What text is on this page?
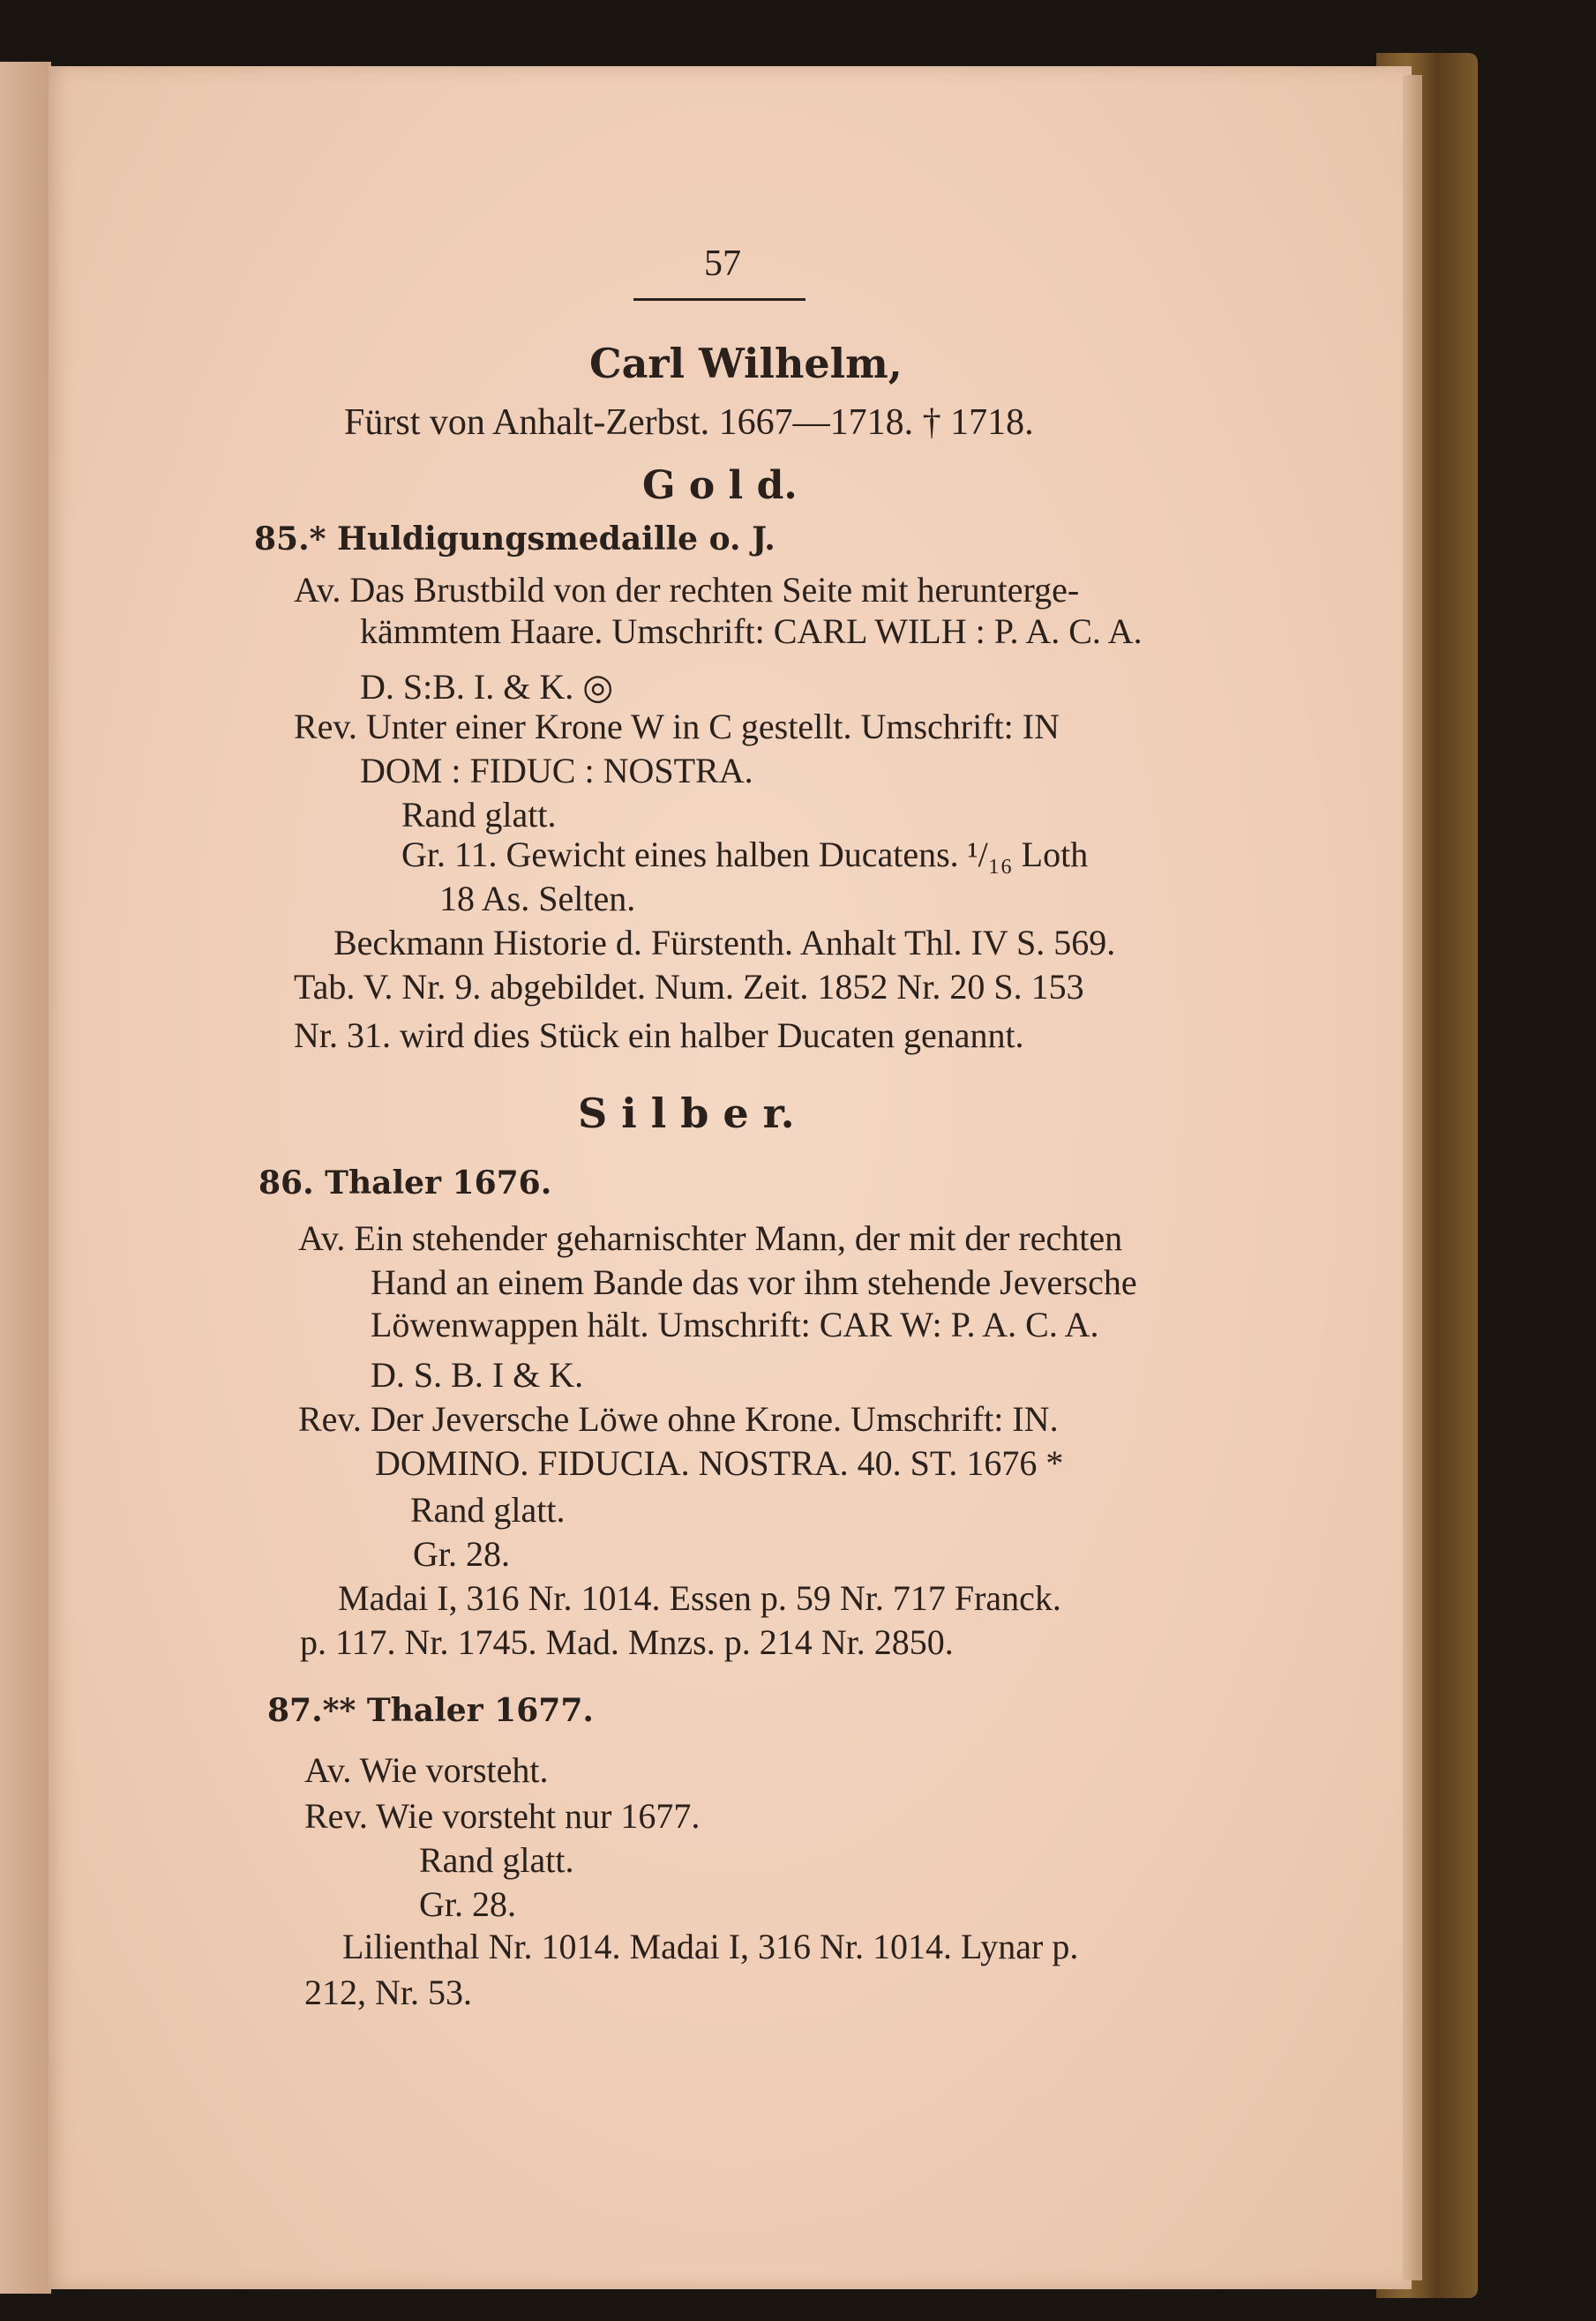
57
Carl Wilhelm,
Fürst von Anhalt-Zerbst. 1667—1718. † 1718.
G o l d.
85.* Huldigungsmedaille o. J.
Av. Das Brustbild von der rechten Seite mit herunterge-
kämmtem Haare. Umschrift: CARL WILH : P. A. C. A.
D. S:B. I. & K. ◎
Rev. Unter einer Krone W in C gestellt. Umschrift: IN
DOM : FIDUC : NOSTRA.
Rand glatt.
Gr. 11. Gewicht eines halben Ducatens. ¹/₁₆ Loth
18 As. Selten.
Beckmann Historie d. Fürstenth. Anhalt Thl. IV S. 569.
Tab. V. Nr. 9. abgebildet. Num. Zeit. 1852 Nr. 20 S. 153
Nr. 31. wird dies Stück ein halber Ducaten genannt.
S i l b e r.
86. Thaler 1676.
Av. Ein stehender geharnischter Mann, der mit der rechten
Hand an einem Bande das vor ihm stehende Jeversche
Löwenwappen hält. Umschrift: CAR W: P. A. C. A.
D. S. B. I & K.
Rev. Der Jeversche Löwe ohne Krone. Umschrift: IN.
DOMINO. FIDUCIA. NOSTRA. 40. ST. 1676 *
Rand glatt.
Gr. 28.
Madai I, 316 Nr. 1014. Essen p. 59 Nr. 717 Franck.
p. 117. Nr. 1745. Mad. Mnzs. p. 214 Nr. 2850.
87.** Thaler 1677.
Av. Wie vorsteht.
Rev. Wie vorsteht nur 1677.
Rand glatt.
Gr. 28.
Lilienthal Nr. 1014. Madai I, 316 Nr. 1014. Lynar p.
212, Nr. 53.
